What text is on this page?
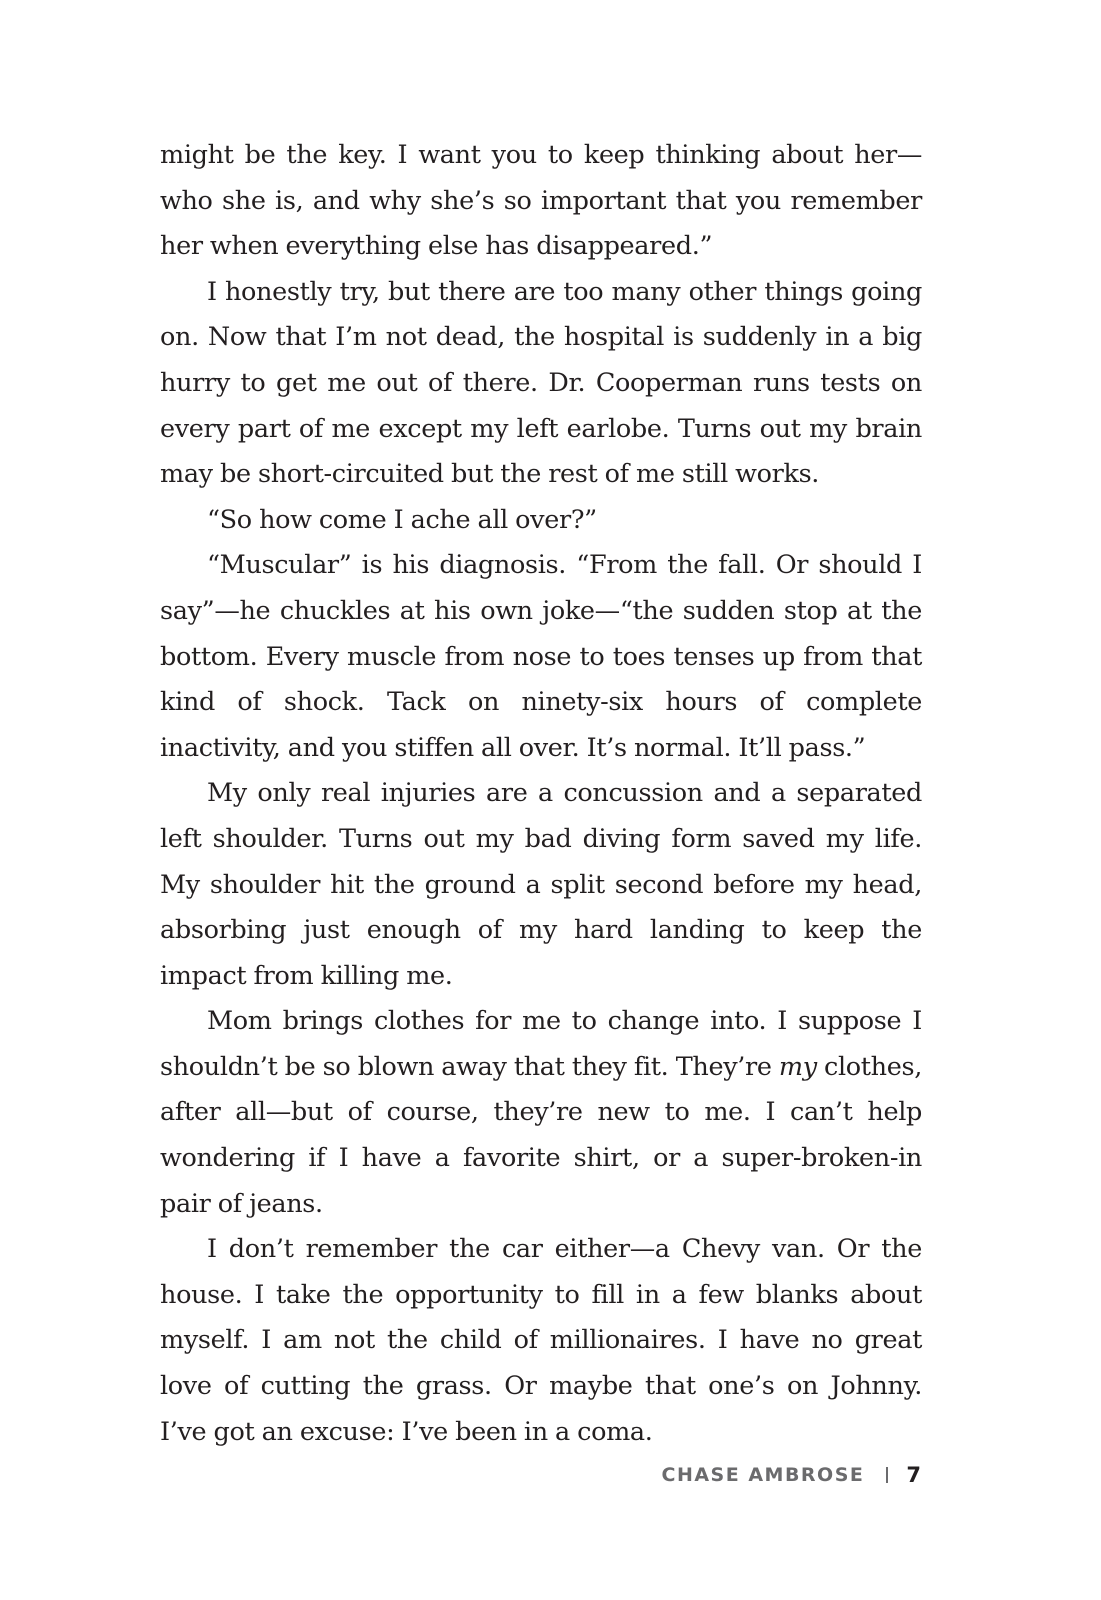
might be the key. I want you to keep thinking about her—who she is, and why she’s so important that you remember her when everything else has disappeared.”

I honestly try, but there are too many other things going on. Now that I’m not dead, the hospital is suddenly in a big hurry to get me out of there. Dr. Cooperman runs tests on every part of me except my left earlobe. Turns out my brain may be short-circuited but the rest of me still works.

“So how come I ache all over?”

“Muscular” is his diagnosis. “From the fall. Or should I say”—he chuckles at his own joke—“the sudden stop at the bottom. Every muscle from nose to toes tenses up from that kind of shock. Tack on ninety-six hours of complete inactivity, and you stiffen all over. It’s normal. It’ll pass.”

My only real injuries are a concussion and a separated left shoulder. Turns out my bad diving form saved my life. My shoulder hit the ground a split second before my head, absorbing just enough of my hard landing to keep the impact from killing me.

Mom brings clothes for me to change into. I suppose I shouldn’t be so blown away that they fit. They’re my clothes, after all—but of course, they’re new to me. I can’t help wondering if I have a favorite shirt, or a super-broken-in pair of jeans.

I don’t remember the car either—a Chevy van. Or the house. I take the opportunity to fill in a few blanks about myself. I am not the child of millionaires. I have no great love of cutting the grass. Or maybe that one’s on Johnny. I’ve got an excuse: I’ve been in a coma.

CHASE AMBROSE 7
